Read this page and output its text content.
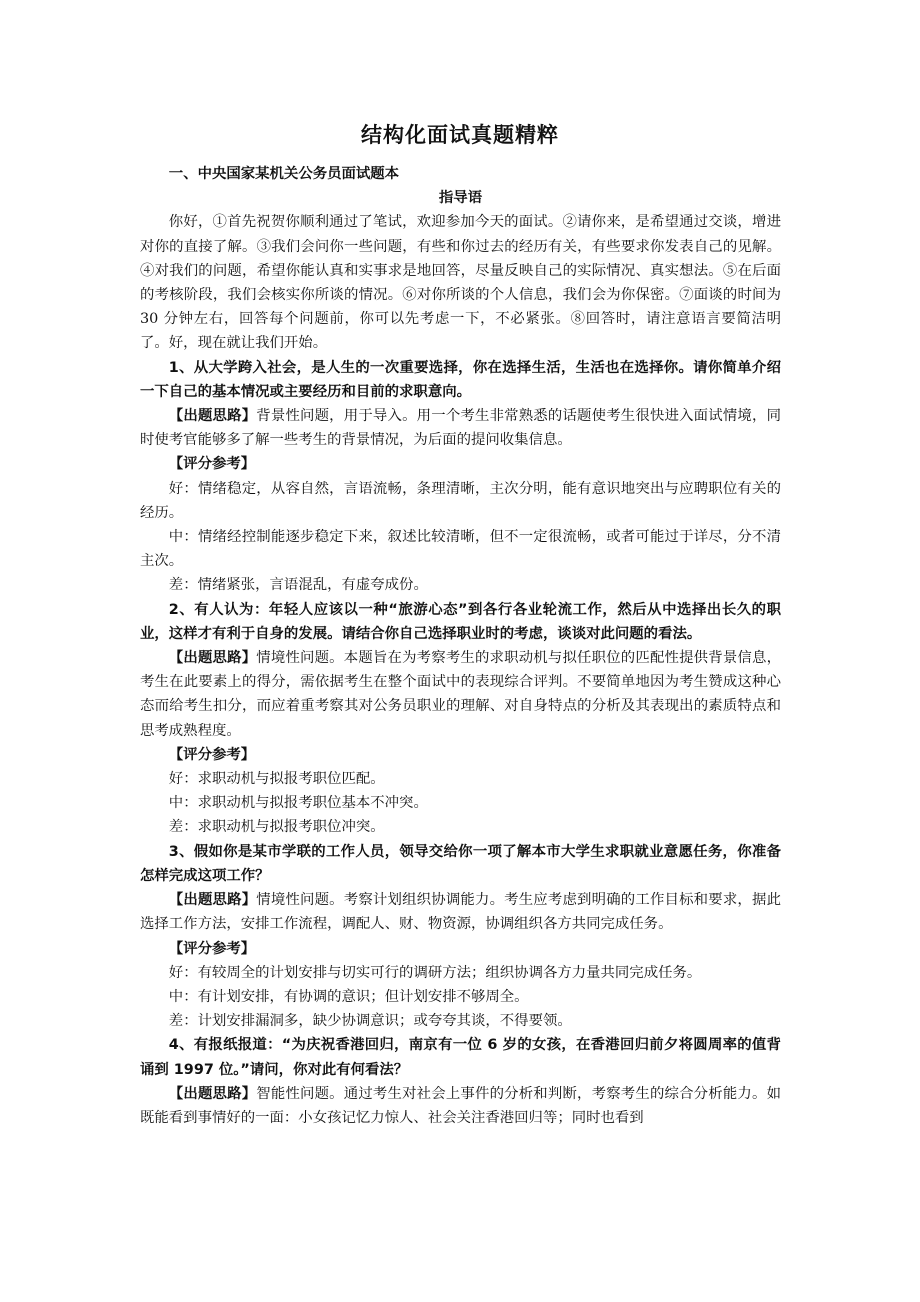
结构化面试真题精粹

一、中央国家某机关公务员面试题本

指导语

你好，①首先祝贺你顺利通过了笔试，欢迎参加今天的面试。②请你来，是希望通过交谈，增进对你的直接了解。③我们会问你一些问题，有些和你过去的经历有关，有些要求你发表自己的见解。④对我们的问题，希望你能认真和实事求是地回答，尽量反映自己的实际情况、真实想法。⑤在后面的考核阶段，我们会核实你所谈的情况。⑥对你所谈的个人信息，我们会为你保密。⑦面谈的时间为 30 分钟左右，回答每个问题前，你可以先考虑一下，不必紧张。⑧回答时，请注意语言要简洁明了。好，现在就让我们开始。

1、从大学跨入社会，是人生的一次重要选择，你在选择生活，生活也在选择你。请你简单介绍一下自己的基本情况或主要经历和目前的求职意向。

【出题思路】背景性问题，用于导入。用一个考生非常熟悉的话题使考生很快进入面试情境，同时使考官能够多了解一些考生的背景情况，为后面的提问收集信息。

【评分参考】

好：情绪稳定，从容自然，言语流畅，条理清晰，主次分明，能有意识地突出与应聘职位有关的经历。

中：情绪经控制能逐步稳定下来，叙述比较清晰，但不一定很流畅，或者可能过于详尽，分不清主次。

差：情绪紧张，言语混乱，有虚夸成份。

2、有人认为：年轻人应该以一种“旅游心态”到各行各业轮流工作，然后从中选择出长久的职业，这样才有利于自身的发展。请结合你自己选择职业时的考虑，谈谈对此问题的看法。

【出题思路】情境性问题。本题旨在为考察考生的求职动机与拟任职位的匹配性提供背景信息，考生在此要素上的得分，需依据考生在整个面试中的表现综合评判。不要简单地因为考生赞成这种心态而给考生扣分，而应着重考察其对公务员职业的理解、对自身特点的分析及其表现出的素质特点和思考成熟程度。

【评分参考】

好：求职动机与拟报考职位匹配。

中：求职动机与拟报考职位基本不冲突。

差：求职动机与拟报考职位冲突。

3、假如你是某市学联的工作人员，领导交给你一项了解本市大学生求职就业意愿任务，你准备怎样完成这项工作？

【出题思路】情境性问题。考察计划组织协调能力。考生应考虑到明确的工作目标和要求，据此选择工作方法，安排工作流程，调配人、财、物资源，协调组织各方共同完成任务。

【评分参考】

好：有较周全的计划安排与切实可行的调研方法；组织协调各方力量共同完成任务。

中：有计划安排，有协调的意识；但计划安排不够周全。

差：计划安排漏洞多，缺少协调意识；或夸夸其谈，不得要领。

4、有报纸报道：“为庆祝香港回归，南京有一位 6 岁的女孩，在香港回归前夕将圆周率的值背诵到 1997 位。”请问，你对此有何看法？

【出题思路】智能性问题。通过考生对社会上事件的分析和判断，考察考生的综合分析能力。如既能看到事情好的一面：小女孩记忆力惊人、社会关注香港回归等；同时也看到
